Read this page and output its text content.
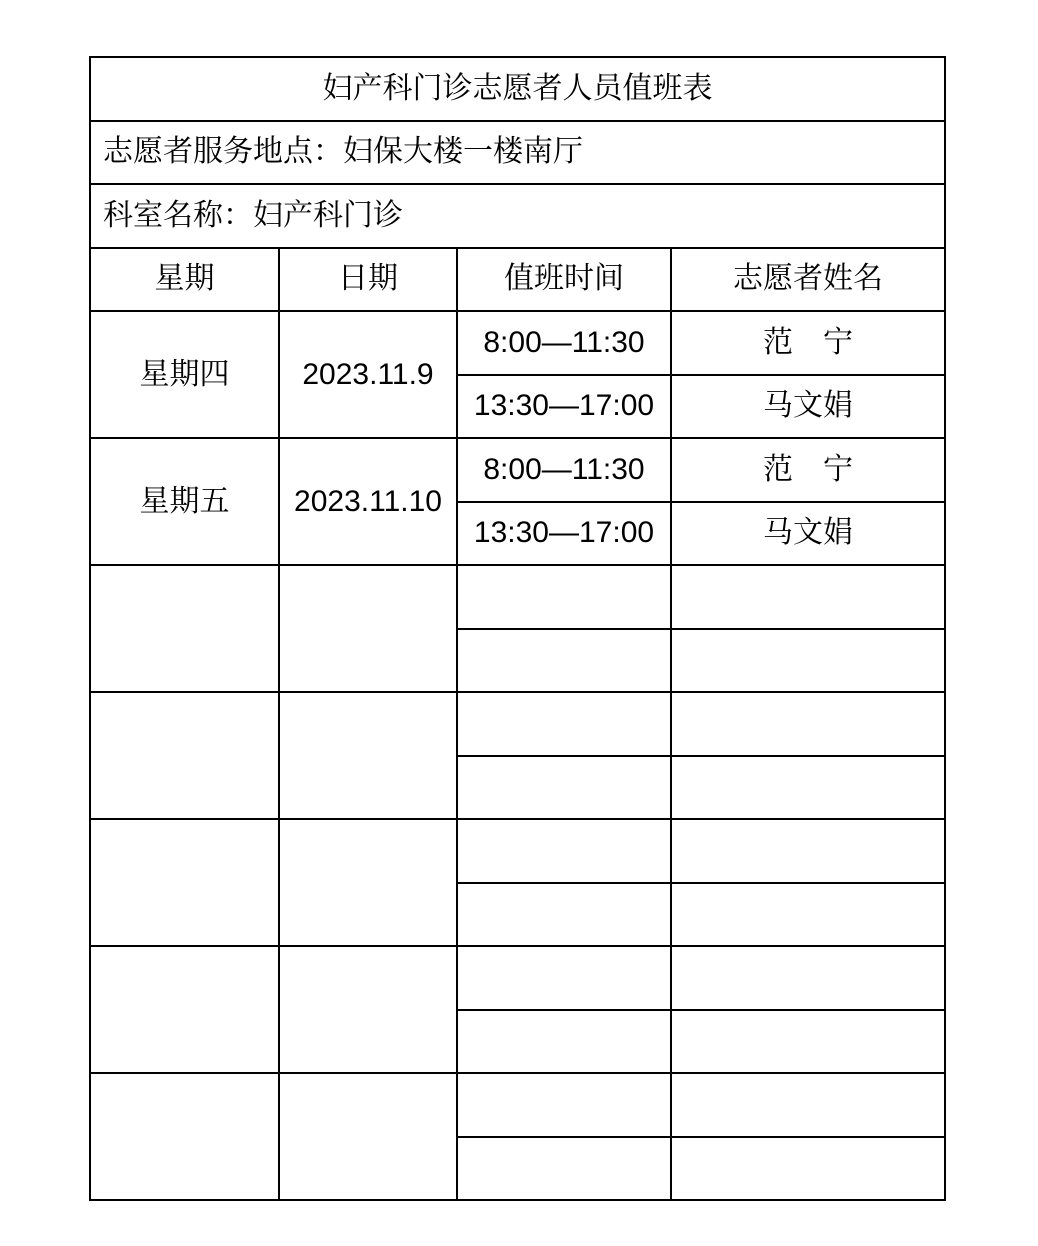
妇产科门诊志愿者人员值班表			
志愿者服务地点：妇保大楼一楼南厅			
科室名称：妇产科门诊			
星期	日期	值班时间	志愿者姓名
星期四	2023.11.9	8:00—11:30	范　宁
		13:30—17:00	马文娟
星期五	2023.11.10	8:00—11:30	范　宁
		13:30—17:00	马文娟
